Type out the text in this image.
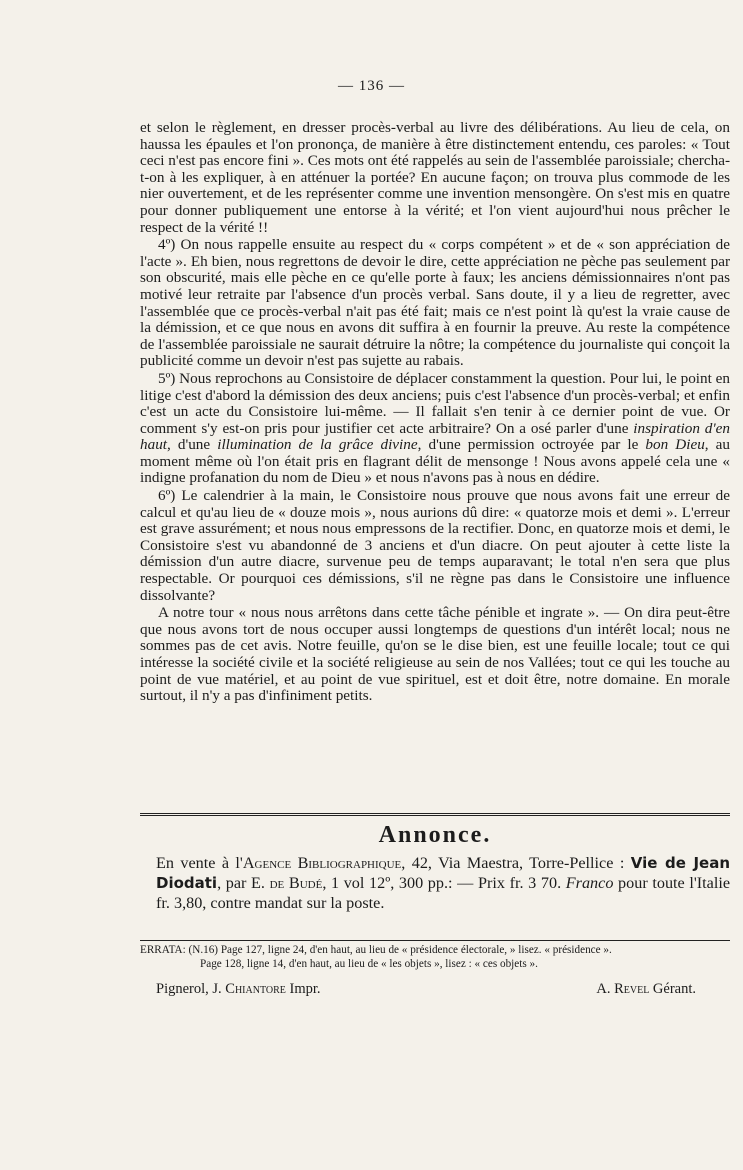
— 136 —

et selon le règlement, en dresser procès-verbal au livre des délibérations. Au lieu de cela, on haussa les épaules et l'on prononça, de manière à être distinctement entendu, ces paroles: « Tout ceci n'est pas encore fini ». Ces mots ont été rappelés au sein de l'assemblée paroissiale; chercha-t-on à les expliquer, à en atténuer la portée? En aucune façon; on trouva plus commode de les nier ouvertement, et de les représenter comme une invention mensongère. On s'est mis en quatre pour donner publiquement une entorse à la vérité; et l'on vient aujourd'hui nous prêcher le respect de la vérité !!

4º) On nous rappelle ensuite au respect du « corps compétent » et de « son appréciation de l'acte ». Eh bien, nous regrettons de devoir le dire, cette appréciation ne pèche pas seulement par son obscurité, mais elle pèche en ce qu'elle porte à faux; les anciens démissionnaires n'ont pas motivé leur retraite par l'absence d'un procès verbal. Sans doute, il y a lieu de regretter, avec l'assemblée que ce procès-verbal n'ait pas été fait; mais ce n'est point là qu'est la vraie cause de la démission, et ce que nous en avons dit suffira à en fournir la preuve. Au reste la compétence de l'assemblée paroissiale ne saurait détruire la nôtre; la compétence du journaliste qui conçoit la publicité comme un devoir n'est pas sujette au rabais.

5º) Nous reprochons au Consistoire de déplacer constamment la question. Pour lui, le point en litige c'est d'abord la démission des deux anciens; puis c'est l'absence d'un procès-verbal; et enfin c'est un acte du Consistoire lui-même. — Il fallait s'en tenir à ce dernier point de vue. Or comment s'y est-on pris pour justifier cet acte arbitraire? On a osé parler d'une inspiration d'en haut, d'une illumination de la grâce divine, d'une permission octroyée par le bon Dieu, au moment même où l'on était pris en flagrant délit de mensonge ! Nous avons appelé cela une « indigne profanation du nom de Dieu » et nous n'avons pas à nous en dédire.

6º) Le calendrier à la main, le Consistoire nous prouve que nous avons fait une erreur de calcul et qu'au lieu de « douze mois », nous aurions dû dire: « quatorze mois et demi ». L'erreur est grave assurément; et nous nous empressons de la rectifier. Donc, en quatorze mois et demi, le Consistoire s'est vu abandonné de 3 anciens et d'un diacre. On peut ajouter à cette liste la démission d'un autre diacre, survenue peu de temps auparavant; le total n'en sera que plus respectable. Or pourquoi ces démissions, s'il ne règne pas dans le Consistoire une influence dissolvante?

A notre tour « nous nous arrêtons dans cette tâche pénible et ingrate ». — On dira peut-être que nous avons tort de nous occuper aussi longtemps de questions d'un intérêt local; nous ne sommes pas de cet avis. Notre feuille, qu'on se le dise bien, est une feuille locale; tout ce qui intéresse la société civile et la société religieuse au sein de nos Vallées; tout ce qui les touche au point de vue matériel, et au point de vue spirituel, est et doit être, notre domaine. En morale surtout, il n'y a pas d'infiniment petits.

Annonce.
En vente à l'Agence Bibliographique, 42, Via Maestra, Torre-Pellice : Vie de Jean Diodati, par E. de Budé, 1 vol 12º, 300 pp.: — Prix fr. 3 70. Franco pour toute l'Italie fr. 3,80, contre mandat sur la poste.
ERRATA: (N.16) Page 127, ligne 24, d'en haut, au lieu de « présidence électorale, » lisez. « présidence ».
Page 128, ligne 14, d'en haut, au lieu de « les objets », lisez : « ces objets ».
Pignerol, J. Chiantore Impr.	A. Revel Gérant.
